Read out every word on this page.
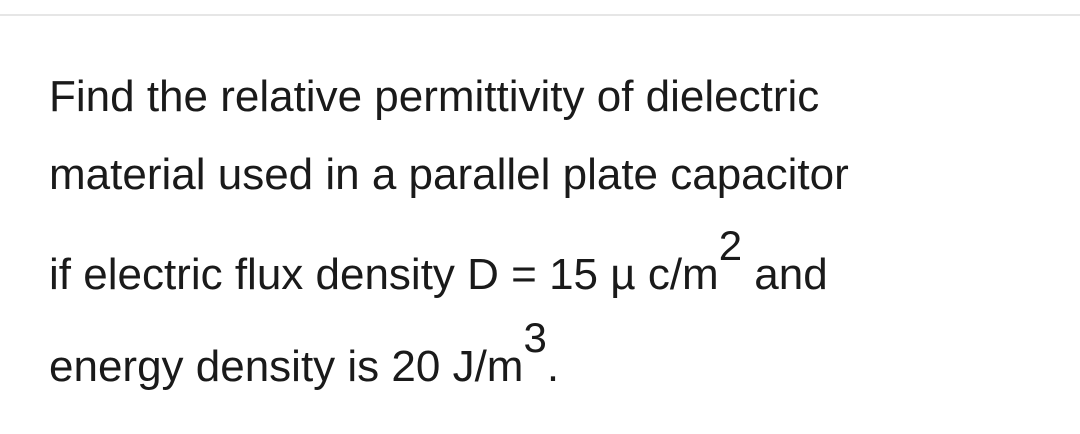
Find the relative permittivity of dielectric
material used in a parallel plate capacitor
if electric flux density D = 15 µ $c/m^2$ and
energy density is 20 $J/m^3$.
